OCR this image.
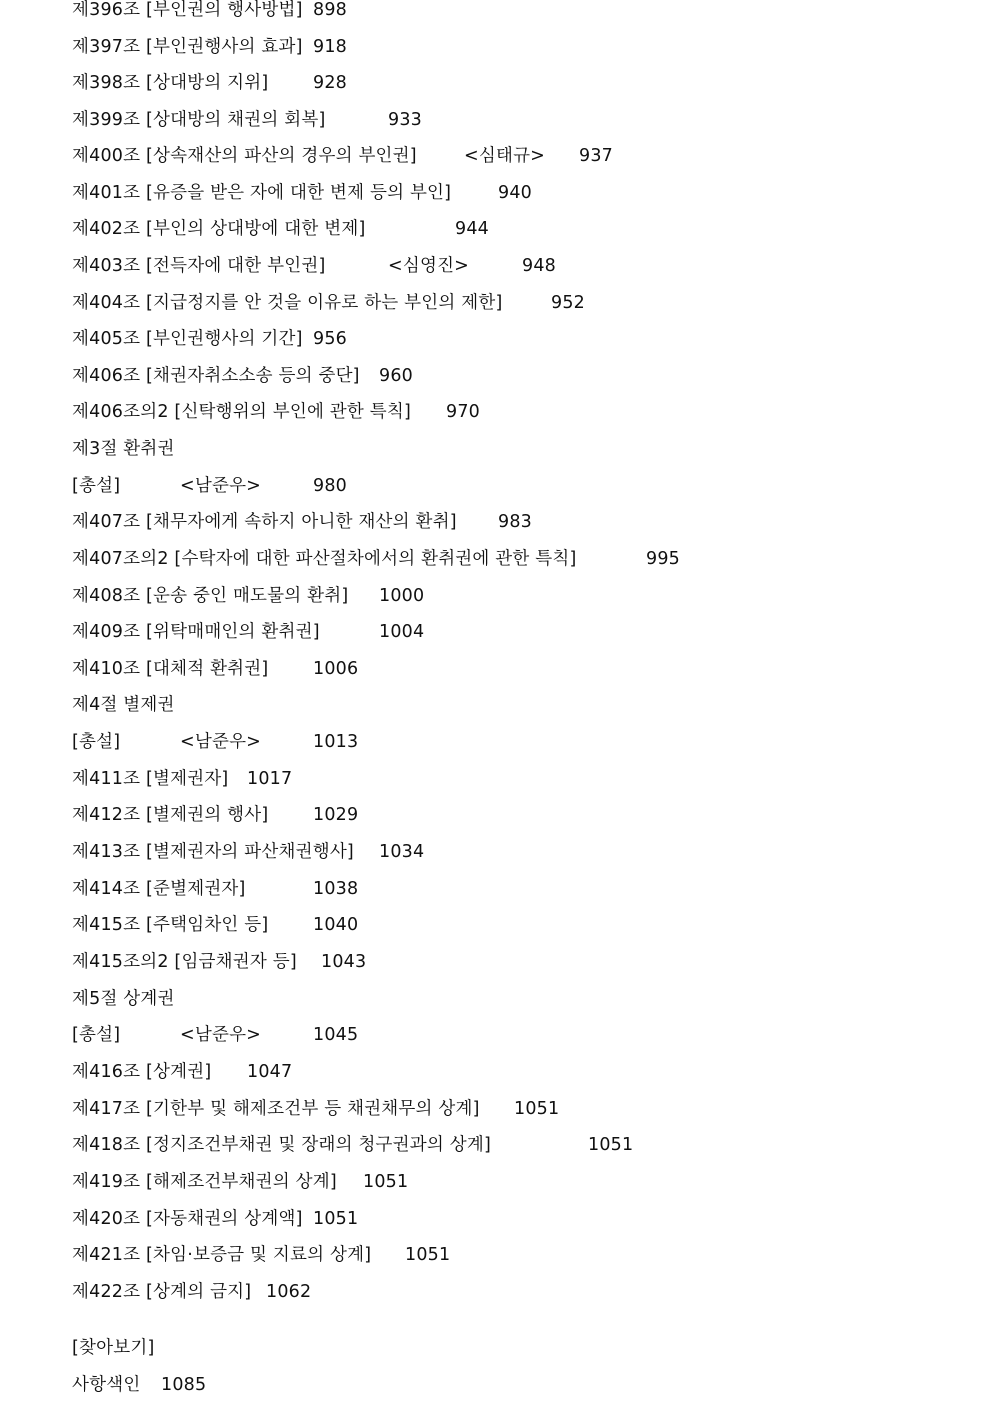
제396조 [부인권의 행사방법] 898
제397조 [부인권행사의 효과] 918
제398조 [상대방의 지위]	928
제399조 [상대방의 채권의 회복]	933
제400조 [상속재산의 파산의 경우의 부인권]	<심태규> 937
제401조 [유증을 받은 자에 대한 변제 등의 부인]	940
제402조 [부인의 상대방에 대한 변제]	944
제403조 [전득자에 대한 부인권]	<심영진>	948
제404조 [지급정지를 안 것을 이유로 하는 부인의 제한]	952
제405조 [부인권행사의 기간] 956
제406조 [채권자취소소송 등의 중단] 960
제406조의2 [신탁행위의 부인에 관한 특칙] 970
제3절 환취권
[총설]	<남준우>	980
제407조 [채무자에게 속하지 아니한 재산의 환취] 983
제407조의2 [수탁자에 대한 파산절차에서의 환취권에 관한 특칙]	995
제408조 [운송 중인 매도물의 환취] 1000
제409조 [위탁매매인의 환취권]	1004
제410조 [대체적 환취권]	1006
제4절 별제권
[총설]	<남준우>	1013
제411조 [별제권자] 1017
제412조 [별제권의 행사]	1029
제413조 [별제권자의 파산채권행사] 1034
제414조 [준별제권자]	1038
제415조 [주택임차인 등]	1040
제415조의2 [임금채권자 등] 1043
제5절 상계권
[총설]	<남준우>	1045
제416조 [상계권] 1047
제417조 [기한부 및 해제조건부 등 채권채무의 상계] 1051
제418조 [정지조건부채권 및 장래의 청구권과의 상계]	1051
제419조 [해제조건부채권의 상계] 1051
제420조 [자동채권의 상계액] 1051
제421조 [차임·보증금 및 지료의 상계] 1051
제422조 [상계의 금지] 1062
[찾아보기]
사항색인 1085
